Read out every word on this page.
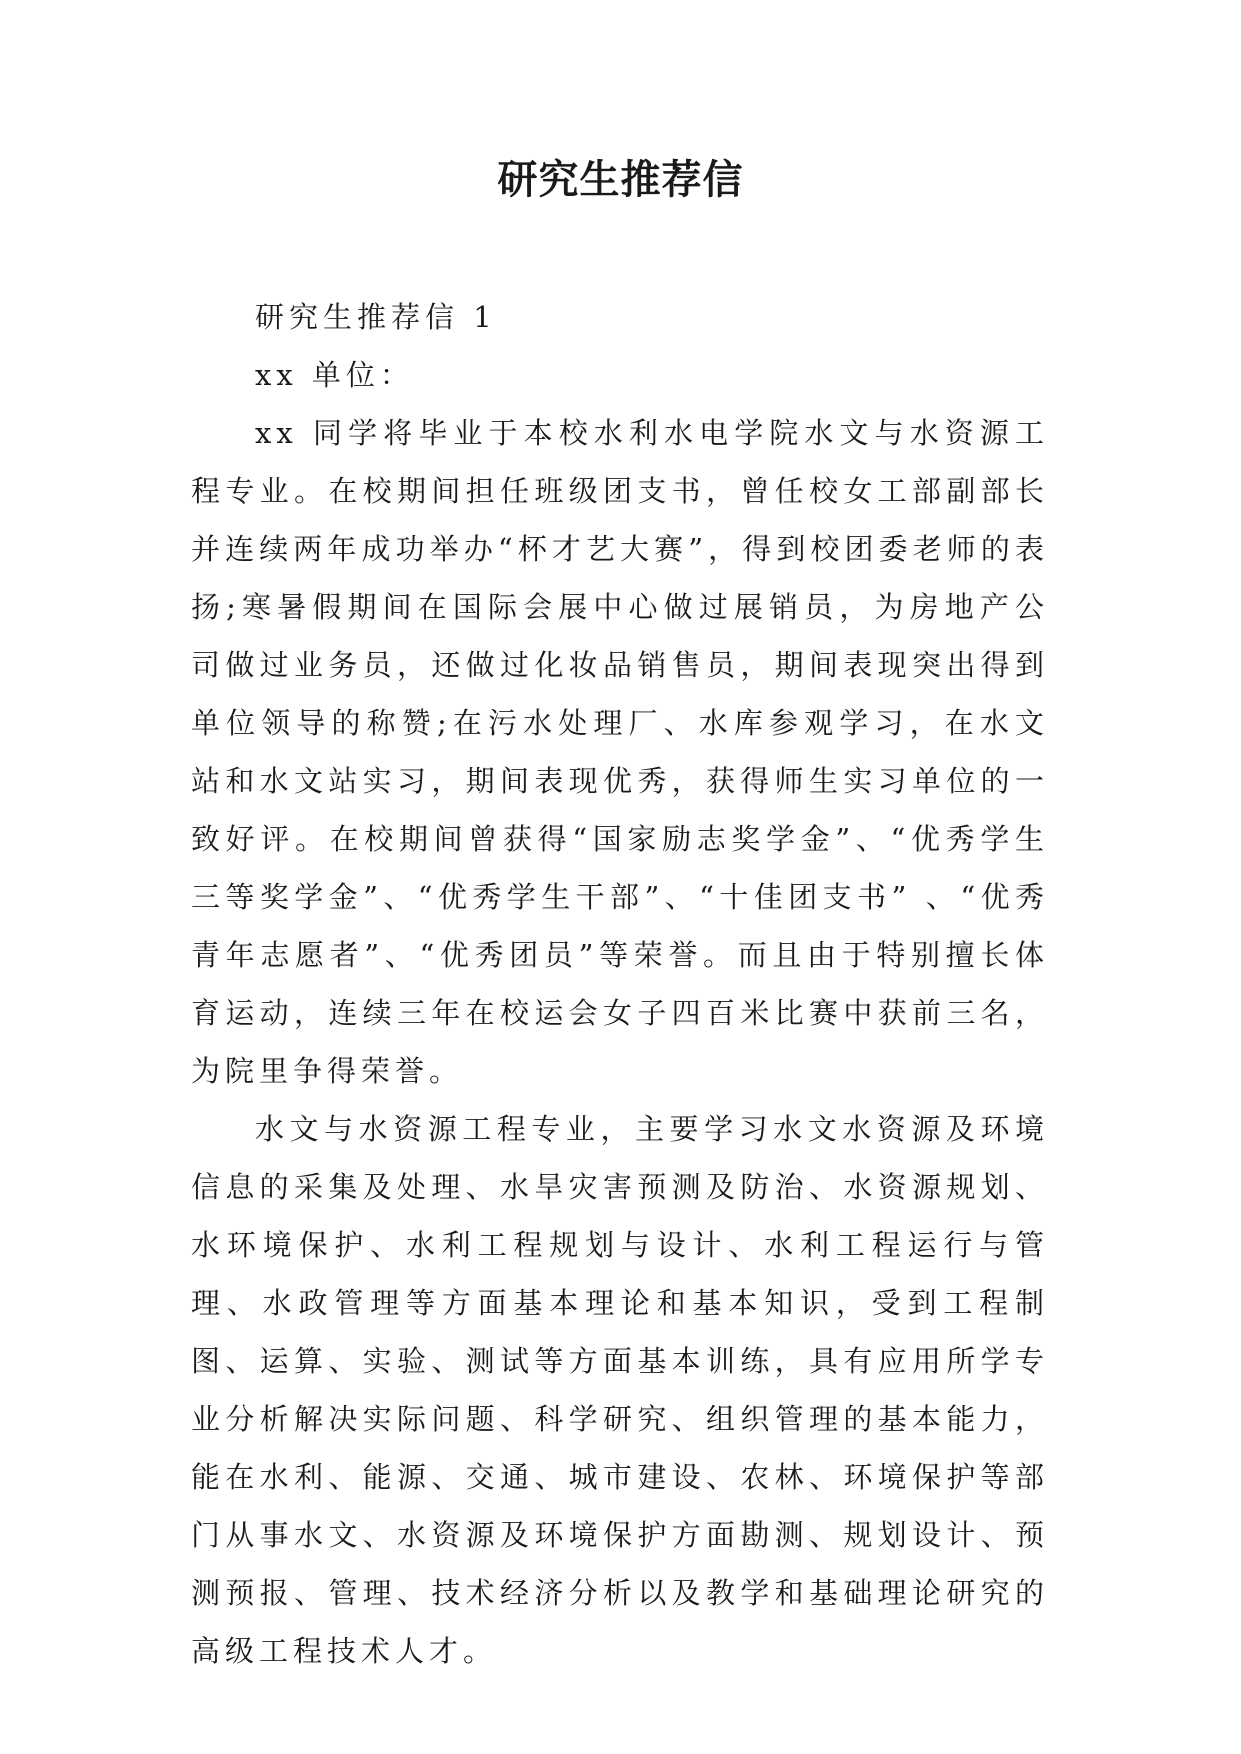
研究生推荐信

研究生推荐信 1

xx 单位：

xx 同学将毕业于本校水利水电学院水文与水资源工程专业。在校期间担任班级团支书，曾任校女工部副部长并连续两年成功举办“杯才艺大赛”，得到校团委老师的表扬;寒暑假期间在国际会展中心做过展销员，为房地产公司做过业务员，还做过化妆品销售员，期间表现突出得到单位领导的称赞;在污水处理厂、水库参观学习，在水文站和水文站实习，期间表现优秀，获得师生实习单位的一致好评。在校期间曾获得“国家励志奖学金”、“优秀学生三等奖学金”、“优秀学生干部”、“十佳团支书” 、“优秀青年志愿者”、“优秀团员”等荣誉。而且由于特别擅长体育运动，连续三年在校运会女子四百米比赛中获前三名，为院里争得荣誉。

水文与水资源工程专业，主要学习水文水资源及环境信息的采集及处理、水旱灾害预测及防治、水资源规划、水环境保护、水利工程规划与设计、水利工程运行与管理、水政管理等方面基本理论和基本知识，受到工程制图、运算、实验、测试等方面基本训练，具有应用所学专业分析解决实际问题、科学研究、组织管理的基本能力，能在水利、能源、交通、城市建设、农林、环境保护等部门从事水文、水资源及环境保护方面勘测、规划设计、预测预报、管理、技术经济分析以及教学和基础理论研究的高级工程技术人才。
